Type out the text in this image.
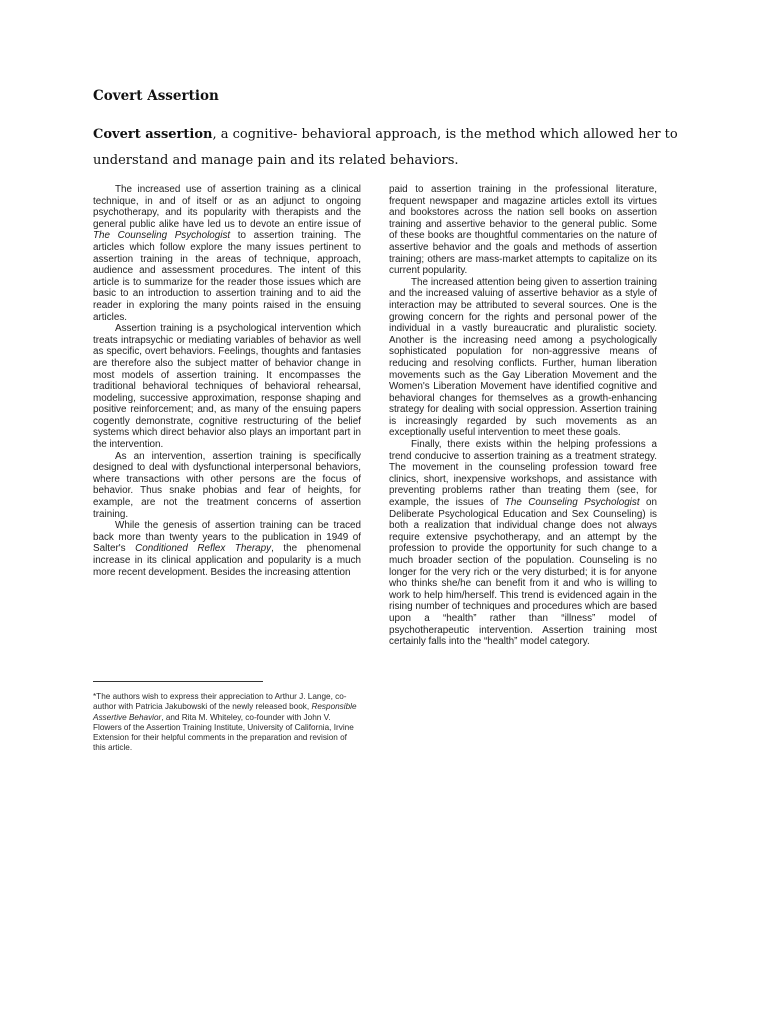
Covert Assertion
Covert assertion, a cognitive- behavioral approach, is the method which allowed her to understand and manage pain and its related behaviors.

The increased use of assertion training as a clinical technique, in and of itself or as an adjunct to ongoing psychotherapy, and its popularity with therapists and the general public alike have led us to devote an entire issue of The Counseling Psychologist to assertion training. The articles which follow explore the many issues pertinent to assertion training in the areas of technique, approach, audience and assessment procedures. The intent of this article is to summarize for the reader those issues which are basic to an introduction to assertion training and to aid the reader in exploring the many points raised in the ensuing articles.

Assertion training is a psychological intervention which treats intrapsychic or mediating variables of behavior as well as specific, overt behaviors. Feelings, thoughts and fantasies are therefore also the subject matter of behavior change in most models of assertion training. It encompasses the traditional behavioral techniques of behavioral rehearsal, modeling, successive approximation, response shaping and positive reinforcement; and, as many of the ensuing papers cogently demonstrate, cognitive restructuring of the belief systems which direct behavior also plays an important part in the intervention.

As an intervention, assertion training is specifically designed to deal with dysfunctional interpersonal behaviors, where transactions with other persons are the focus of behavior. Thus snake phobias and fear of heights, for example, are not the treatment concerns of assertion training.

While the genesis of assertion training can be traced back more than twenty years to the publication in 1949 of Salter's Conditioned Reflex Therapy, the phenomenal increase in its clinical application and popularity is a much more recent development. Besides the increasing attention

*The authors wish to express their appreciation to Arthur J. Lange, co-author with Patricia Jakubowski of the newly released book, Responsible Assertive Behavior, and Rita M. Whiteley, co-founder with John V. Flowers of the Assertion Training Institute, University of California, Irvine Extension for their helpful comments in the preparation and revision of this article.

paid to assertion training in the professional literature, frequent newspaper and magazine articles extoll its virtues and bookstores across the nation sell books on assertion training and assertive behavior to the general public. Some of these books are thoughtful commentaries on the nature of assertive behavior and the goals and methods of assertion training; others are mass-market attempts to capitalize on its current popularity.

The increased attention being given to assertion training and the increased valuing of assertive behavior as a style of interaction may be attributed to several sources. One is the growing concern for the rights and personal power of the individual in a vastly bureaucratic and pluralistic society. Another is the increasing need among a psychologically sophisticated population for non-aggressive means of reducing and resolving conflicts. Further, human liberation movements such as the Gay Liberation Movement and the Women's Liberation Movement have identified cognitive and behavioral changes for themselves as a growth-enhancing strategy for dealing with social oppression. Assertion training is increasingly regarded by such movements as an exceptionally useful intervention to meet these goals.

Finally, there exists within the helping professions a trend conducive to assertion training as a treatment strategy. The movement in the counseling profession toward free clinics, short, inexpensive workshops, and assistance with preventing problems rather than treating them (see, for example, the issues of The Counseling Psychologist on Deliberate Psychological Education and Sex Counseling) is both a realization that individual change does not always require extensive psychotherapy, and an attempt by the profession to provide the opportunity for such change to a much broader section of the population. Counseling is no longer for the very rich or the very disturbed; it is for anyone who thinks she/he can benefit from it and who is willing to work to help him/herself. This trend is evidenced again in the rising number of techniques and procedures which are based upon a “health” rather than “illness” model of psychotherapeutic intervention. Assertion training most certainly falls into the “health” model category.
